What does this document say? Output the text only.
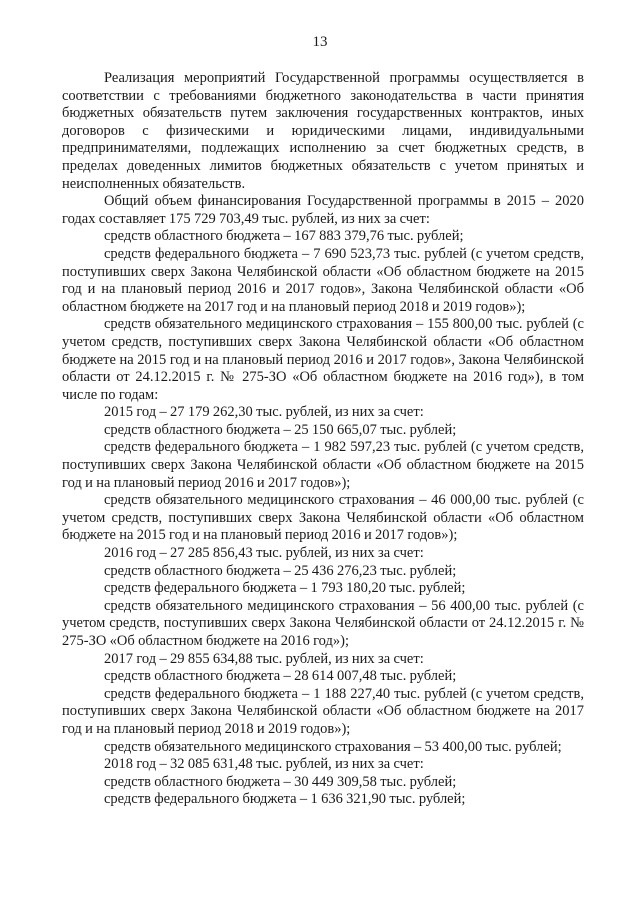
13

Реализация мероприятий Государственной программы осуществляется в соответствии с требованиями бюджетного законодательства в части принятия бюджетных обязательств путем заключения государственных контрактов, иных договоров с физическими и юридическими лицами, индивидуальными предпринимателями, подлежащих исполнению за счет бюджетных средств, в пределах доведенных лимитов бюджетных обязательств с учетом принятых и неисполненных обязательств.

Общий объем финансирования Государственной программы в 2015 – 2020 годах составляет 175 729 703,49 тыс. рублей, из них за счет:

средств областного бюджета – 167 883 379,76 тыс. рублей;

средств федерального бюджета – 7 690 523,73 тыс. рублей (с учетом средств, поступивших сверх Закона Челябинской области «Об областном бюджете на 2015 год и на плановый период 2016 и 2017 годов», Закона Челябинской области «Об областном бюджете на 2017 год и на плановый период 2018 и 2019 годов»);

средств обязательного медицинского страхования – 155 800,00 тыс. рублей (с учетом средств, поступивших сверх Закона Челябинской области «Об областном бюджете на 2015 год и на плановый период 2016 и 2017 годов», Закона Челябинской области от 24.12.2015 г. № 275-ЗО «Об областном бюджете на 2016 год»), в том числе по годам:

2015 год – 27 179 262,30 тыс. рублей, из них за счет:

средств областного бюджета – 25 150 665,07 тыс. рублей;

средств федерального бюджета – 1 982 597,23 тыс. рублей (с учетом средств, поступивших сверх Закона Челябинской области «Об областном бюджете на 2015 год и на плановый период 2016 и 2017 годов»);

средств обязательного медицинского страхования – 46 000,00 тыс. рублей (с учетом средств, поступивших сверх Закона Челябинской области «Об областном бюджете на 2015 год и на плановый период 2016 и 2017 годов»);

2016 год – 27 285 856,43 тыс. рублей, из них за счет:

средств областного бюджета – 25 436 276,23 тыс. рублей;

средств федерального бюджета – 1 793 180,20 тыс. рублей;

средств обязательного медицинского страхования – 56 400,00 тыс. рублей (с учетом средств, поступивших сверх Закона Челябинской области от 24.12.2015 г. № 275-ЗО «Об областном бюджете на 2016 год»);

2017 год – 29 855 634,88 тыс. рублей, из них за счет:

средств областного бюджета – 28 614 007,48 тыс. рублей;

средств федерального бюджета – 1 188 227,40 тыс. рублей (с учетом средств, поступивших сверх Закона Челябинской области «Об областном бюджете на 2017 год и на плановый период 2018 и 2019 годов»);

средств обязательного медицинского страхования – 53 400,00 тыс. рублей;

2018 год – 32 085 631,48 тыс. рублей, из них за счет:

средств областного бюджета – 30 449 309,58 тыс. рублей;

средств федерального бюджета – 1 636 321,90 тыс. рублей;
